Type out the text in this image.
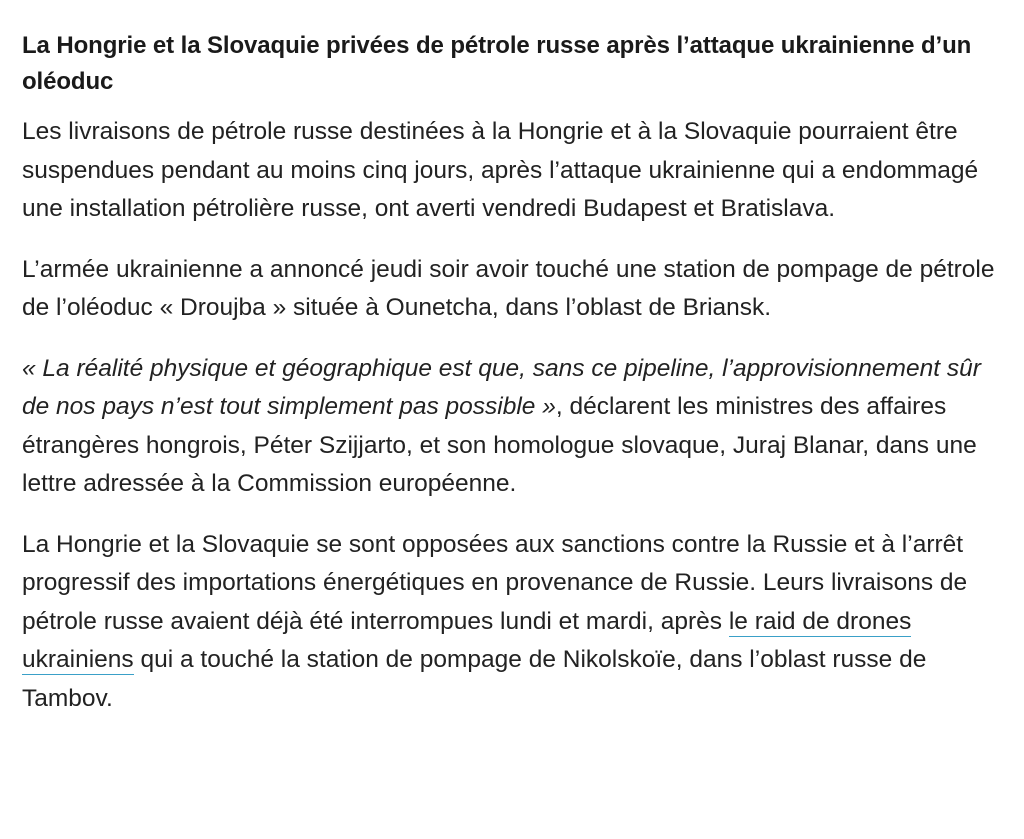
La Hongrie et la Slovaquie privées de pétrole russe après l’attaque ukrainienne d’un oléoduc

Les livraisons de pétrole russe destinées à la Hongrie et à la Slovaquie pourraient être suspendues pendant au moins cinq jours, après l’attaque ukrainienne qui a endommagé une installation pétrolière russe, ont averti vendredi Budapest et Bratislava.

L’armée ukrainienne a annoncé jeudi soir avoir touché une station de pompage de pétrole de l’oléoduc « Droujba » située à Ounetcha, dans l’oblast de Briansk.

« La réalité physique et géographique est que, sans ce pipeline, l’approvisionnement sûr de nos pays n’est tout simplement pas possible », déclarent les ministres des affaires étrangères hongrois, Péter Szijjarto, et son homologue slovaque, Juraj Blanar, dans une lettre adressée à la Commission européenne.

La Hongrie et la Slovaquie se sont opposées aux sanctions contre la Russie et à l’arrêt progressif des importations énergétiques en provenance de Russie. Leurs livraisons de pétrole russe avaient déjà été interrompues lundi et mardi, après le raid de drones ukrainiens qui a touché la station de pompage de Nikolskoïe, dans l’oblast russe de Tambov.
